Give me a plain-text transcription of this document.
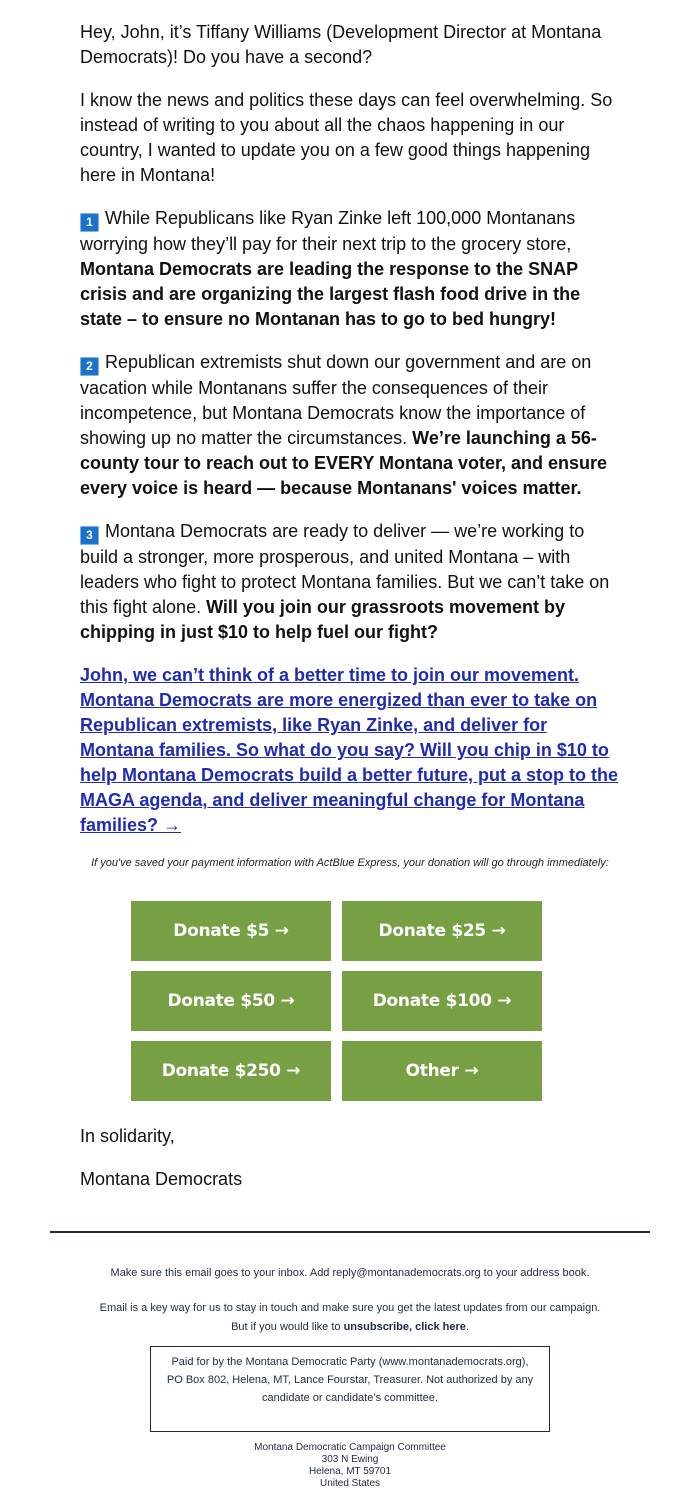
Hey, John, it’s Tiffany Williams (Development Director at Montana Democrats)! Do you have a second?

I know the news and politics these days can feel overwhelming. So instead of writing to you about all the chaos happening in our country, I wanted to update you on a few good things happening here in Montana!

1 While Republicans like Ryan Zinke left 100,000 Montanans worrying how they’ll pay for their next trip to the grocery store, Montana Democrats are leading the response to the SNAP crisis and are organizing the largest flash food drive in the state – to ensure no Montanan has to go to bed hungry!

2 Republican extremists shut down our government and are on vacation while Montanans suffer the consequences of their incompetence, but Montana Democrats know the importance of showing up no matter the circumstances. We’re launching a 56-county tour to reach out to EVERY Montana voter, and ensure every voice is heard — because Montanans' voices matter.

3 Montana Democrats are ready to deliver — we’re working to build a stronger, more prosperous, and united Montana – with leaders who fight to protect Montana families. But we can’t take on this fight alone. Will you join our grassroots movement by chipping in just $10 to help fuel our fight?

John, we can’t think of a better time to join our movement. Montana Democrats are more energized than ever to take on Republican extremists, like Ryan Zinke, and deliver for Montana families. So what do you say? Will you chip in $10 to help Montana Democrats build a better future, put a stop to the MAGA agenda, and deliver meaningful change for Montana families? →
If you've saved your payment information with ActBlue Express, your donation will go through immediately:
Donate $5 →	Donate $25 →
Donate $50 →	Donate $100 →
Donate $250 →	Other →
In solidarity,
Montana Democrats
Make sure this email goes to your inbox. Add reply@montanademocrats.org to your address book.
Email is a key way for us to stay in touch and make sure you get the latest updates from our campaign.
But if you would like to unsubscribe, click here.
Paid for by the Montana Democratic Party (www.montanademocrats.org), PO Box 802, Helena, MT, Lance Fourstar, Treasurer. Not authorized by any candidate or candidate’s committee.
Montana Democratic Campaign Committee
303 N Ewing
Helena, MT 59701
United States
